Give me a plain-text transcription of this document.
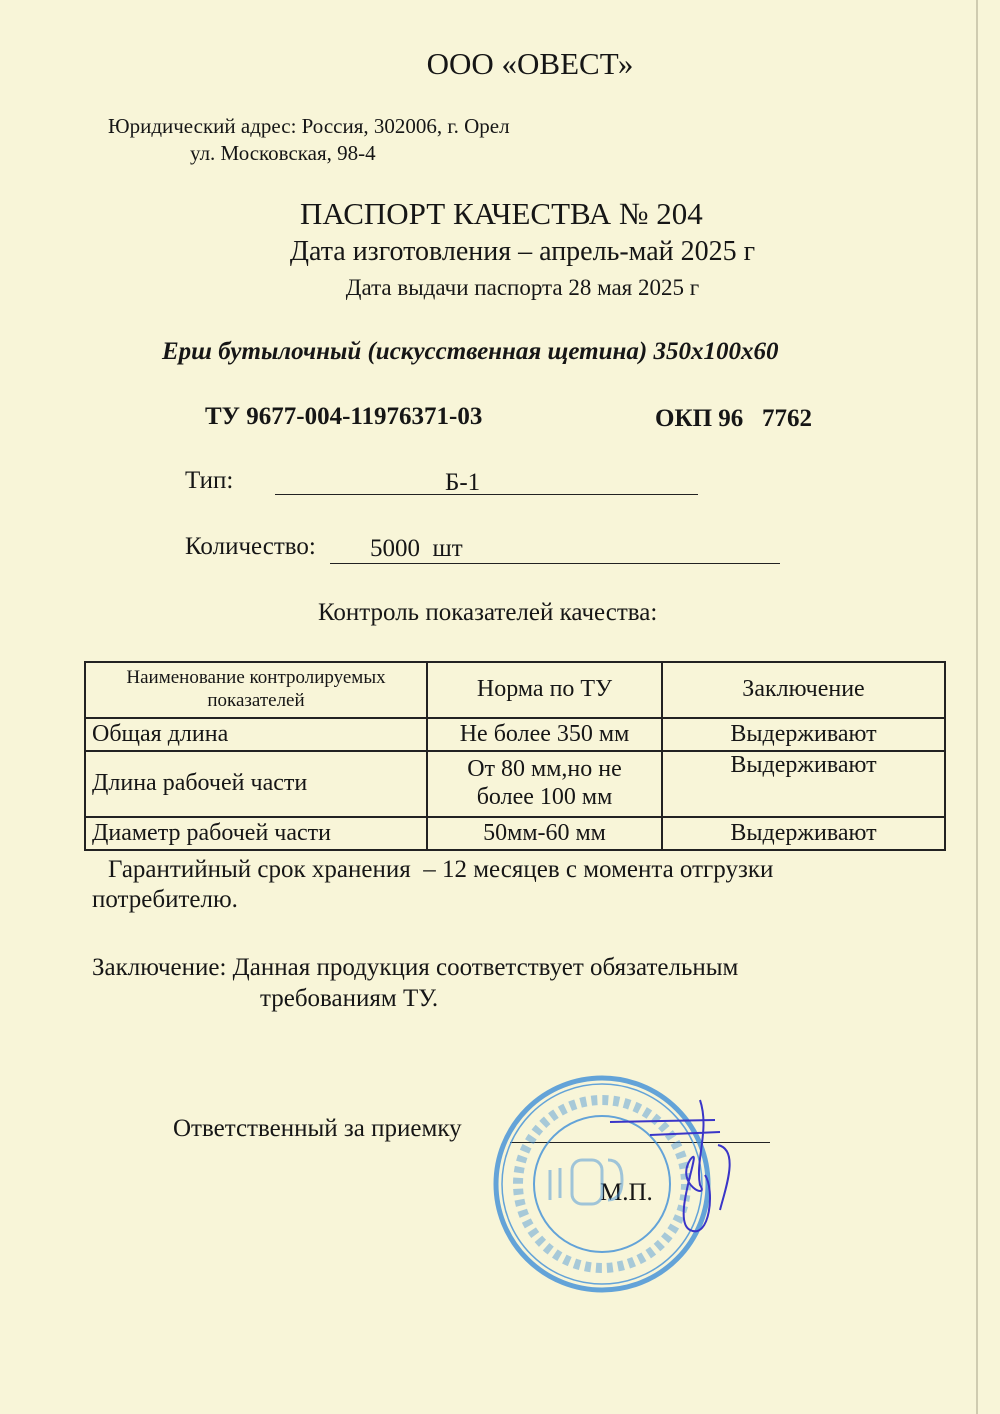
ООО «ОВЕСТ»
Юридический адрес: Россия, 302006, г. Орел
ул. Московская, 98-4
ПАСПОРТ КАЧЕСТВА № 204
Дата изготовления – апрель-май 2025 г
Дата выдачи паспорта 28 мая 2025 г
Ерш бутылочный (искусственная щетина) 350х100х60
ТУ 9677-004-11976371-03	ОКП 96   7762
Тип:	Б-1
Количество: 5000  шт
Контроль показателей качества:
Наименование контролируемых показателей	Норма по ТУ	Заключение
Общая длина	Не более 350 мм	Выдерживают
Длина рабочей части	От 80 мм,но не более 100 мм	Выдерживают
Диаметр рабочей части	50мм-60 мм	Выдерживают
Гарантийный срок хранения  – 12 месяцев с момента отгрузки
потребителю.
Заключение: Данная продукция соответствует обязательным
требованиям ТУ.
Ответственный за приемку
М.П.
